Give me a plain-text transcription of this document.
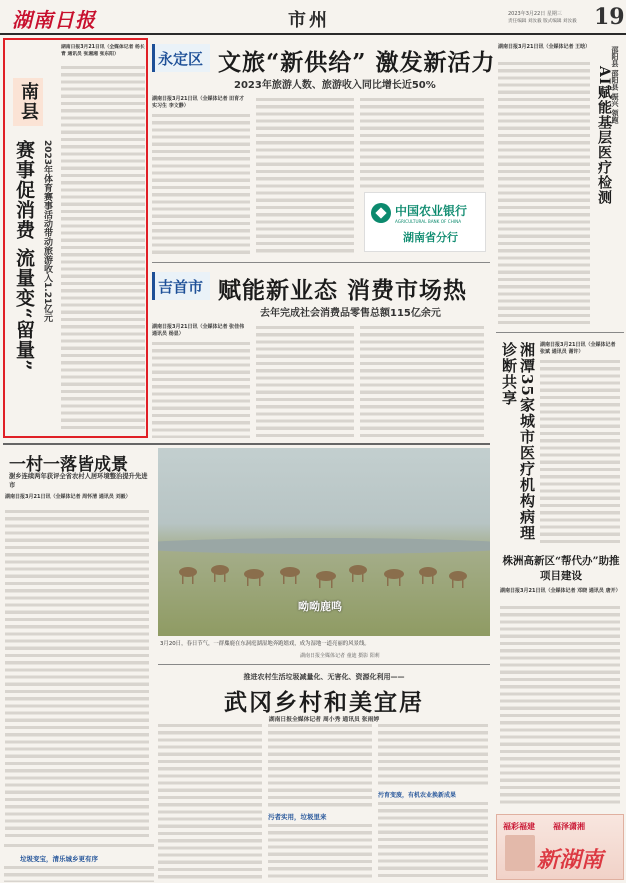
湖南日报	市州	2023年3月22日 星期三
责任编辑 刘汝毅 版式编辑 刘汝毅 19
湖南日报3月21日讯（全媒体记者 杨长青 通讯员 张湘湘 张东阳）
南县
赛事促消费 流量变“留量” 2023年体育赛事活动带动旅游收入1.21亿元
永定区 文旅“新供给” 激发新活力
2023年旅游人数、旅游收入同比增长近50%
湖南日报3月21日讯（全媒体记者 田育才 实习生 李文静）
中国农业银行
AGRICULTURAL BANK OF CHINA
湖南省分行
吉首市 赋能新业态 消费市场热
去年完成社会消费品零售总额115亿余元
湖南日报3月21日讯（全媒体记者 张佳伟 通讯员 杨显）
湖南日报3月21日讯（全媒体记者 王晗）	邵阳县 邵阳县 振兴 领跑
AI赋能基层医疗检测
湘潭35家城市医疗机构病理诊断共享	湖南日报3月21日讯（全媒体记者 张斌 通讯员 谢许）
一村一落皆成景
澍乡连续两年获评全省农村人居环境整治提升先进市
湖南日报3月21日讯（全媒体记者 周怀清 通讯员 刘毅）
呦呦鹿鸣
3月20日，春日节气，一群麋鹿在东洞庭湖湿地奔跑嬉戏，成为湿地一道亮丽的风景线。
湖南日报全媒体记者 童迪 摄影 阳莉
株洲高新区“帮代办”助推项目建设
湖南日报3月21日讯（全媒体记者 邓晓 通讯员 唐开）
推进农村生活垃圾减量化、无害化、资源化利用——
武冈乡村和美宜居
湖南日报全媒体记者 周小秀 通讯员 张雨婷
垃圾变宝，清乐城乡更有序
污者实用，垃圾里来
污育变废，有机农业换新成果
福彩福建 福泽潇湘
新湖南
